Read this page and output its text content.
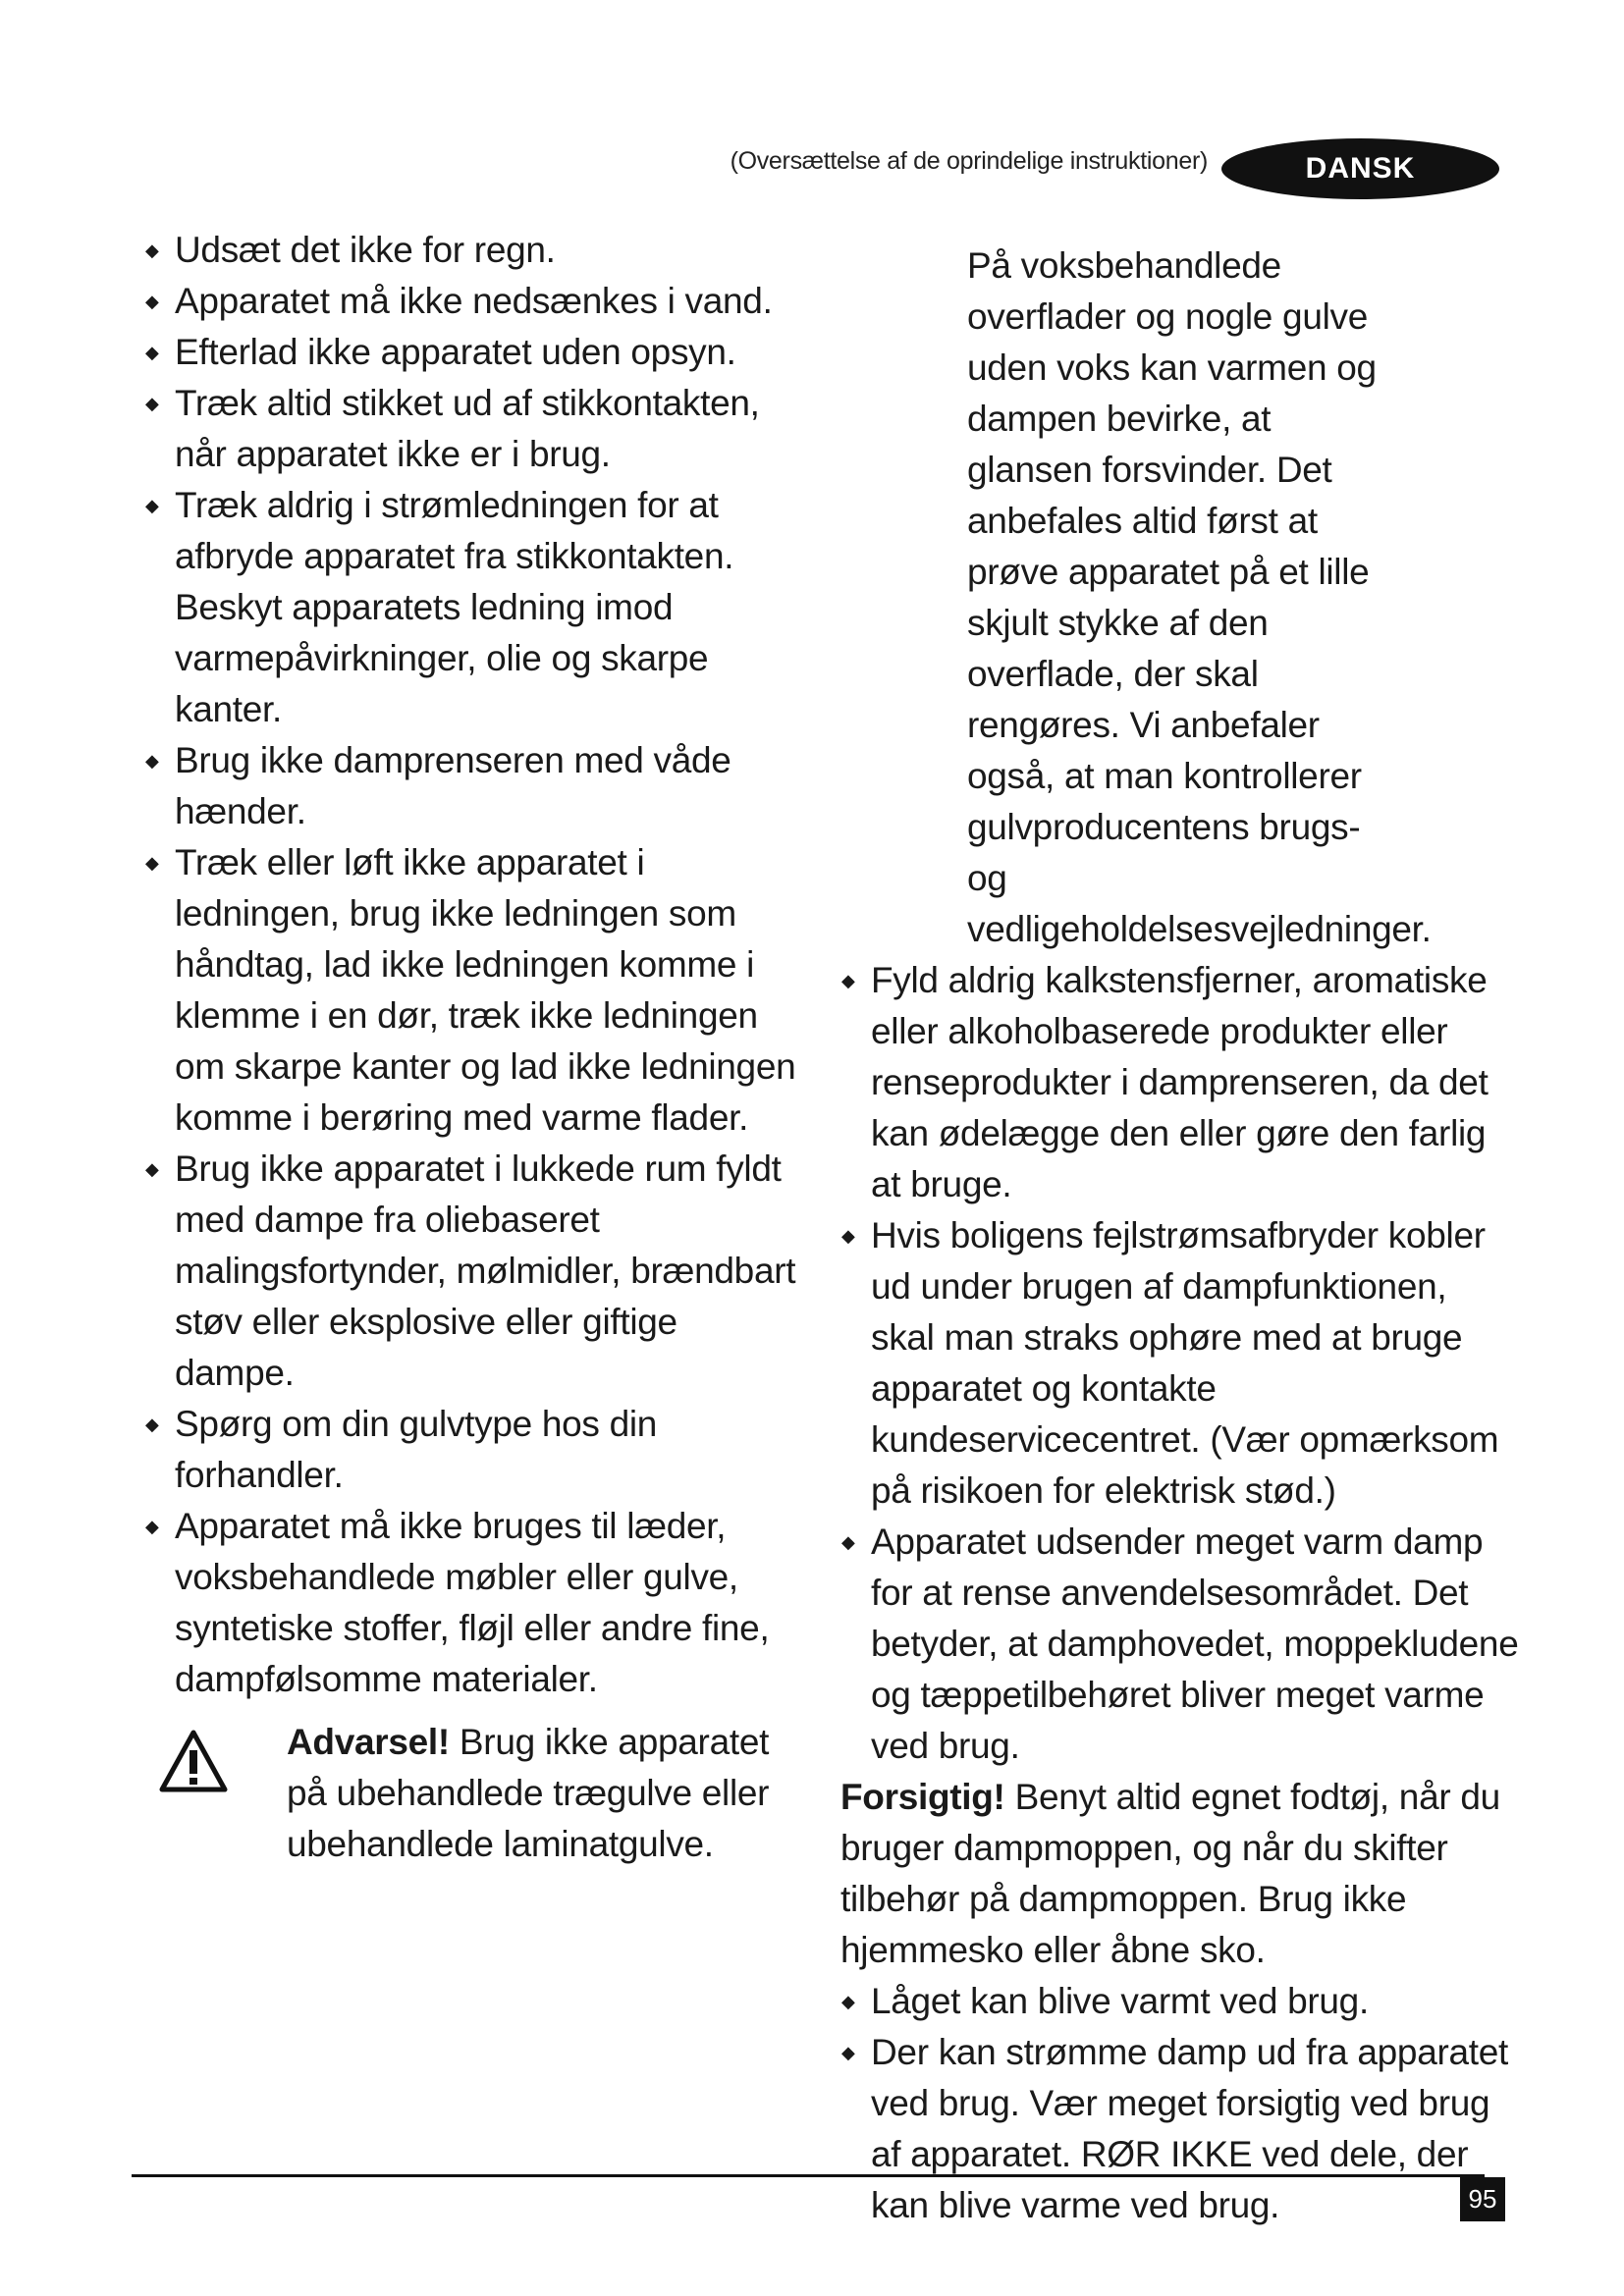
(Oversættelse af de oprindelige instruktioner)	DANSK
◆ Udsæt det ikke for regn.
◆ Apparatet må ikke nedsænkes i vand.
◆ Efterlad ikke apparatet uden opsyn.
◆ Træk altid stikket ud af stikkontakten, når apparatet ikke er i brug.
◆ Træk aldrig i strømledningen for at afbryde apparatet fra stikkontakten. Beskyt apparatets ledning imod varmepåvirkninger, olie og skarpe kanter.
◆ Brug ikke damprenseren med våde hænder.
◆ Træk eller løft ikke apparatet i ledningen, brug ikke ledningen som håndtag, lad ikke ledningen komme i klemme i en dør, træk ikke ledningen om skarpe kanter og lad ikke ledningen komme i berøring med varme flader.
◆ Brug ikke apparatet i lukkede rum fyldt med dampe fra oliebaseret malingsfortynder, mølmidler, brændbart støv eller eksplosive eller giftige dampe.
◆ Spørg om din gulvtype hos din forhandler.
◆ Apparatet må ikke bruges til læder, voksbehandlede møbler eller gulve, syntetiske stoffer, fløjl eller andre fine, dampfølsomme materialer.
Advarsel! Brug ikke apparatet på ubehandlede trægulve eller ubehandlede laminatgulve.
På voksbehandlede overflader og nogle gulve uden voks kan varmen og dampen bevirke, at glansen forsvinder. Det anbefales altid først at prøve apparatet på et lille skjult stykke af den overflade, der skal rengøres. Vi anbefaler også, at man kontrollerer gulvproducentens brugs- og vedligeholdelsesvejledninger.
◆ Fyld aldrig kalkstensfjerner, aromatiske eller alkoholbaserede produkter eller renseprodukter i damprenseren, da det kan ødelægge den eller gøre den farlig at bruge.
◆ Hvis boligens fejlstrømsafbryder kobler ud under brugen af dampfunktionen, skal man straks ophøre med at bruge apparatet og kontakte kundeservicecentret. (Vær opmærksom på risikoen for elektrisk stød.)
◆ Apparatet udsender meget varm damp for at rense anvendelsesområdet. Det betyder, at damphovedet, moppekludene og tæppetilbehøret bliver meget varme ved brug.
Forsigtig! Benyt altid egnet fodtøj, når du bruger dampmoppen, og når du skifter tilbehør på dampmoppen. Brug ikke hjemmesko eller åbne sko.
◆ Låget kan blive varmt ved brug.
◆ Der kan strømme damp ud fra apparatet ved brug. Vær meget forsigtig ved brug af apparatet. RØR IKKE ved dele, der kan blive varme ved brug.	95
